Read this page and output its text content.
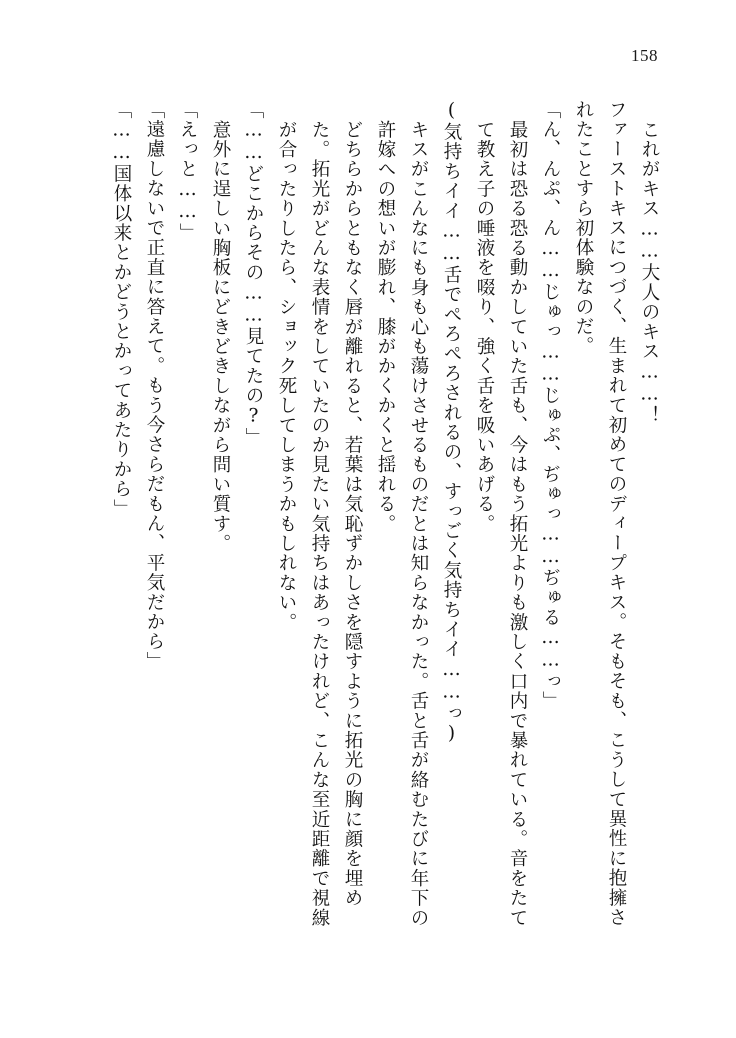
158

これがキス……大人のキス……！

ファーストキスにつづく、生まれて初めてのディープキス。そもそも、こうして異性に抱擁されたことすら初体験なのだ。

「ん、んぷ、ん……じゅっ……じゅぷ、ぢゅっ……ぢゅる……っ」

最初は恐る恐る動かしていた舌も、今はもう拓光よりも激しく口内で暴れている。音をたてて教え子の唾液を啜り、強く舌を吸いあげる。

(気持ちイイ……舌でぺろぺろされるの、すっごく気持ちイイ……っ)

キスがこんなにも身も心も蕩けさせるものだとは知らなかった。舌と舌が絡むたびに年下の許嫁への想いが膨れ、膝がかくかくと揺れる。

どちらからともなく唇が離れると、若葉は気恥ずかしさを隠すように拓光の胸に顔を埋めた。拓光がどんな表情をしていたのか見たい気持ちはあったけれど、こんな至近距離で視線が合ったりしたら、ショック死してしまうかもしれない。

「……どこからその……見てたの?」

意外に逞しい胸板にどきどきしながら問い質す。

「えっと……」

「遠慮しないで正直に答えて。もう今さらだもん、平気だから」

「……国体以来とかどうとかってあたりから」
